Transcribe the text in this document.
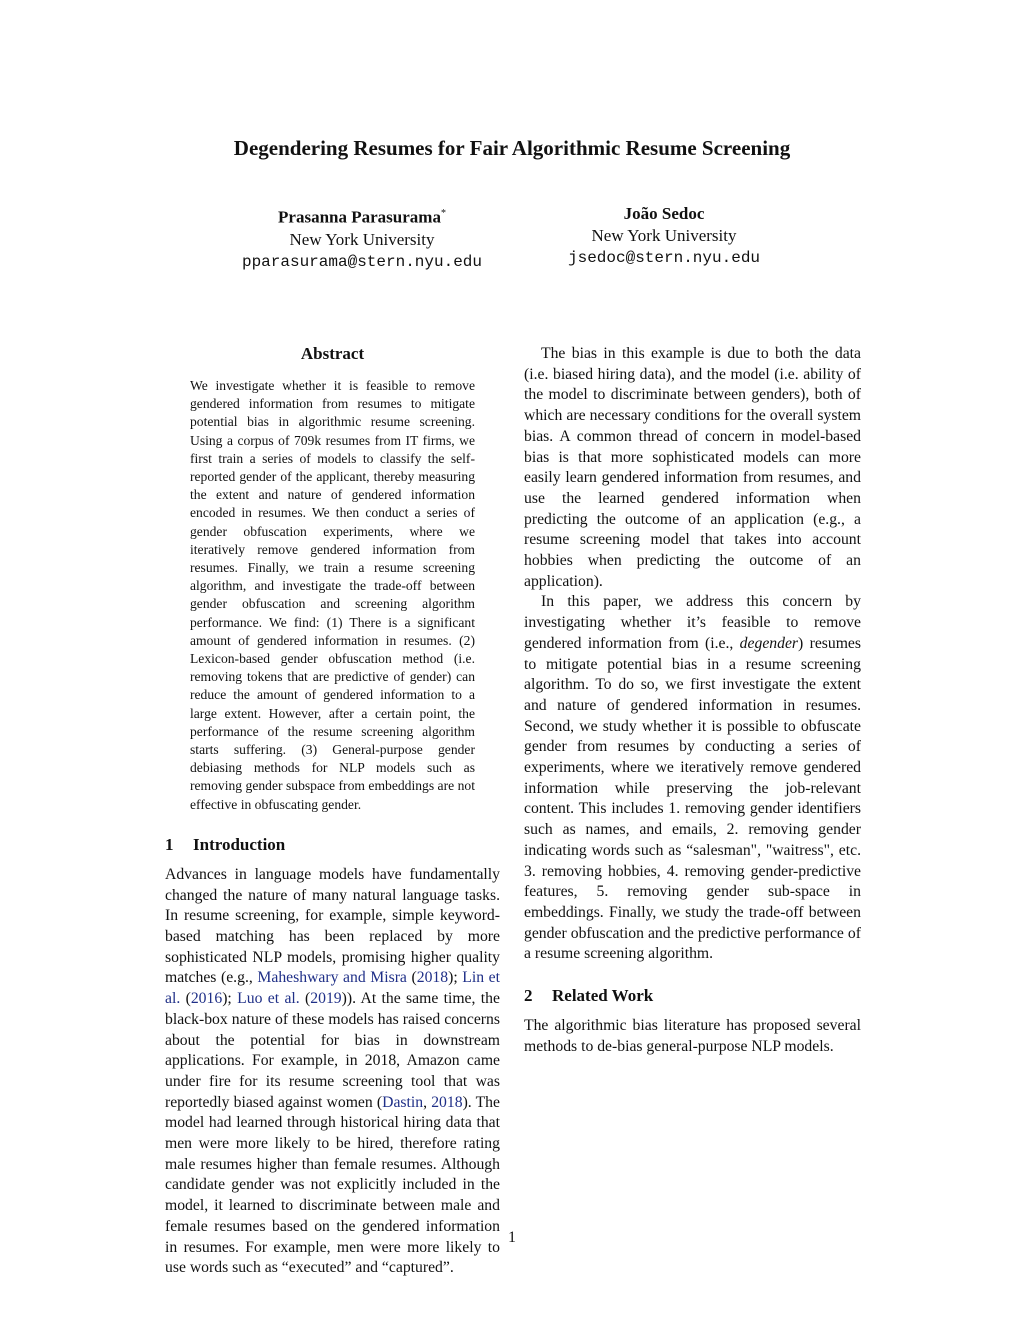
Degendering Resumes for Fair Algorithmic Resume Screening
Prasanna Parasurama*
New York University
pparasurama@stern.nyu.edu
João Sedoc
New York University
jsedoc@stern.nyu.edu
Abstract

We investigate whether it is feasible to remove gendered information from resumes to mitigate potential bias in algorithmic resume screening. Using a corpus of 709k resumes from IT firms, we first train a series of models to classify the self-reported gender of the applicant, thereby measuring the extent and nature of gendered information encoded in resumes. We then conduct a series of gender obfuscation experiments, where we iteratively remove gendered information from resumes. Finally, we train a resume screening algorithm, and investigate the trade-off between gender obfuscation and screening algorithm performance. We find: (1) There is a significant amount of gendered information in resumes. (2) Lexicon-based gender obfuscation method (i.e. removing tokens that are predictive of gender) can reduce the amount of gendered information to a large extent. However, after a certain point, the performance of the resume screening algorithm starts suffering. (3) General-purpose gender debiasing methods for NLP models such as removing gender subspace from embeddings are not effective in obfuscating gender.

1 Introduction

Advances in language models have fundamentally changed the nature of many natural language tasks. In resume screening, for example, simple keyword-based matching has been replaced by more sophisticated NLP models, promising higher quality matches (e.g., Maheshwary and Misra (2018); Lin et al. (2016); Luo et al. (2019)). At the same time, the black-box nature of these models has raised concerns about the potential for bias in downstream applications. For example, in 2018, Amazon came under fire for its resume screening tool that was reportedly biased against women (Dastin, 2018). The model had learned through historical hiring data that men were more likely to be hired, therefore rating male resumes higher than female resumes. Although candidate gender was not explicitly included in the model, it learned to discriminate between male and female resumes based on the gendered information in resumes. For example, men were more likely to use words such as “executed” and “captured”.

The bias in this example is due to both the data (i.e. biased hiring data), and the model (i.e. ability of the model to discriminate between genders), both of which are necessary conditions for the overall system bias. A common thread of concern in model-based bias is that more sophisticated models can more easily learn gendered information from resumes, and use the learned gendered information when predicting the outcome of an application (e.g., a resume screening model that takes into account hobbies when predicting the outcome of an application).

In this paper, we address this concern by investigating whether it’s feasible to remove gendered information from (i.e., degender) resumes to mitigate potential bias in a resume screening algorithm. To do so, we first investigate the extent and nature of gendered information in resumes. Second, we study whether it is possible to obfuscate gender from resumes by conducting a series of experiments, where we iteratively remove gendered information while preserving the job-relevant content. This includes 1. removing gender identifiers such as names, and emails, 2. removing gender indicating words such as “salesman", "waitress", etc. 3. removing hobbies, 4. removing gender-predictive features, 5. removing gender sub-space in embeddings. Finally, we study the trade-off between gender obfuscation and the predictive performance of a resume screening algorithm.

2 Related Work

The algorithmic bias literature has proposed several methods to de-bias general-purpose NLP models.

1
